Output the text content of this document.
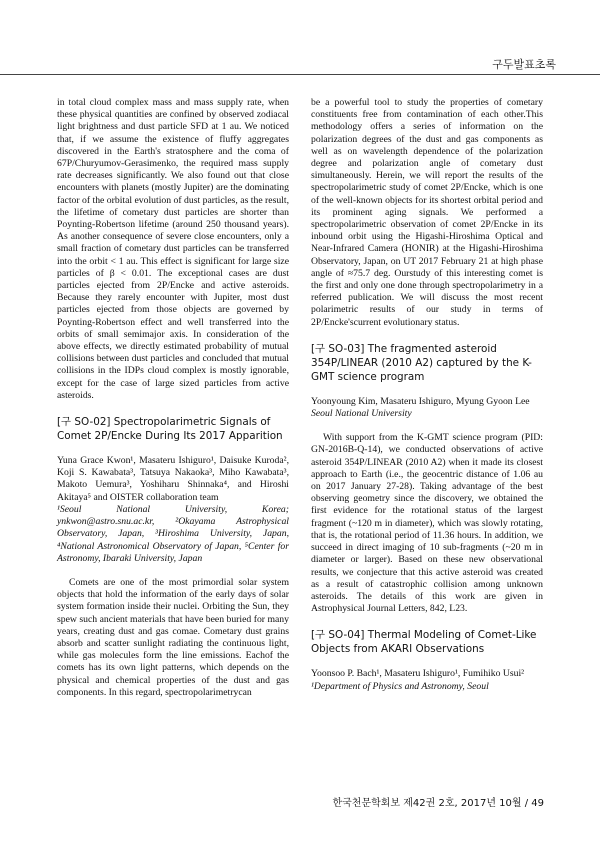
구두발표초록

in total cloud complex mass and mass supply rate, when these physical quantities are confined by observed zodiacal light brightness and dust particle SFD at 1 au. We noticed that, if we assume the existence of fluffy aggregates discovered in the Earth's stratosphere and the coma of 67P/Churyumov-Gerasimenko, the required mass supply rate decreases significantly. We also found out that close encounters with planets (mostly Jupiter) are the dominating factor of the orbital evolution of dust particles, as the result, the lifetime of cometary dust particles are shorter than Poynting-Robertson lifetime (around 250 thousand years). As another consequence of severe close encounters, only a small fraction of cometary dust particles can be transferred into the orbit < 1 au. This effect is significant for large size particles of β < 0.01. The exceptional cases are dust particles ejected from 2P/Encke and active asteroids. Because they rarely encounter with Jupiter, most dust particles ejected from those objects are governed by Poynting-Robertson effect and well transferred into the orbits of small semimajor axis. In consideration of the above effects, we directly estimated probability of mutual collisions between dust particles and concluded that mutual collisions in the IDPs cloud complex is mostly ignorable, except for the case of large sized particles from active asteroids.

[구 SO-02] Spectropolarimetric Signals of Comet 2P/Encke During Its 2017 Apparition

Yuna Grace Kwon¹, Masateru Ishiguro¹, Daisuke Kuroda², Koji S. Kawabata³, Tatsuya Nakaoka³, Miho Kawabata³, Makoto Uemura³, Yoshiharu Shinnaka⁴, and Hiroshi Akitaya⁵ and OISTER collaboration team

¹Seoul National University, Korea; ynkwon@astro.snu.ac.kr, ²Okayama Astrophysical Observatory, Japan, ³Hiroshima University, Japan, ⁴National Astronomical Observatory of Japan, ⁵Center for Astronomy, Ibaraki University, Japan

Comets are one of the most primordial solar system objects that hold the information of the early days of solar system formation inside their nuclei. Orbiting the Sun, they spew such ancient materials that have been buried for many years, creating dust and gas comae. Cometary dust grains absorb and scatter sunlight radiating the continuous light, while gas molecules form the line emissions. Eachof the comets has its own light patterns, which depends on the physical and chemical properties of the dust and gas components. In this regard, spectropolarimetrycan

be a powerful tool to study the properties of cometary constituents free from contamination of each other.This methodology offers a series of information on the polarization degrees of the dust and gas components as well as on wavelength dependence of the polarization degree and polarization angle of cometary dust simultaneously. Herein, we will report the results of the spectropolarimetric study of comet 2P/Encke, which is one of the well-known objects for its shortest orbital period and its prominent aging signals. We performed a spectropolarimetric observation of comet 2P/Encke in its inbound orbit using the Higashi-Hiroshima Optical and Near-Infrared Camera (HONIR) at the Higashi-Hiroshima Observatory, Japan, on UT 2017 February 21 at high phase angle of ≈75.7 deg. Ourstudy of this interesting comet is the first and only one done through spectropolarimetry in a referred publication. We will discuss the most recent polarimetric results of our study in terms of 2P/Encke'scurrent evolutionary status.

[구 SO-03] The fragmented asteroid 354P/LINEAR (2010 A2) captured by the K-GMT science program

Yoonyoung Kim, Masateru Ishiguro, Myung Gyoon Lee

Seoul National University

With support from the K-GMT science program (PID: GN-2016B-Q-14), we conducted observations of active asteroid 354P/LINEAR (2010 A2) when it made its closest approach to Earth (i.e., the geocentric distance of 1.06 au on 2017 January 27-28). Taking advantage of the best observing geometry since the discovery, we obtained the first evidence for the rotational status of the largest fragment (~120 m in diameter), which was slowly rotating, that is, the rotational period of 11.36 hours. In addition, we succeed in direct imaging of 10 sub-fragments (~20 m in diameter or larger). Based on these new observational results, we conjecture that this active asteroid was created as a result of catastrophic collision among unknown asteroids. The details of this work are given in Astrophysical Journal Letters, 842, L23.

[구 SO-04] Thermal Modeling of Comet-Like Objects from AKARI Observations

Yoonsoo P. Bach¹, Masateru Ishiguro¹, Fumihiko Usui²

¹Department of Physics and Astronomy, Seoul

한국천문학회보 제42권 2호, 2017년 10월 / 49
